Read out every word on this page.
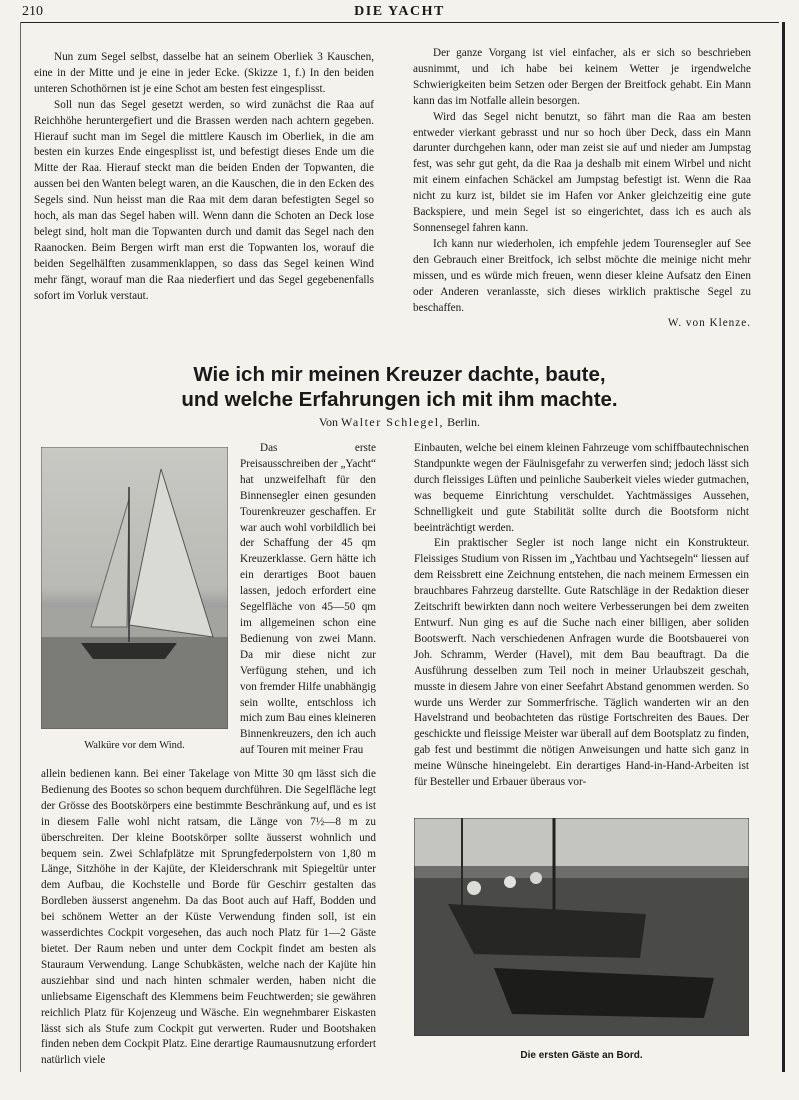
210	DIE YACHT

Nun zum Segel selbst, dasselbe hat an seinem Oberliek 3 Kauschen, eine in der Mitte und je eine in jeder Ecke. (Skizze 1, f.) In den beiden unteren Schothörnen ist je eine Schot am besten fest eingesplisst.

Soll nun das Segel gesetzt werden, so wird zunächst die Raa auf Reichhöhe heruntergefiert und die Brassen werden nach achtern gegeben. Hierauf sucht man im Segel die mittlere Kausch im Oberliek, in die am besten ein kurzes Ende eingesplisst ist, und befestigt dieses Ende um die Mitte der Raa. Hierauf steckt man die beiden Enden der Topwanten, die aussen bei den Wanten belegt waren, an die Kauschen, die in den Ecken des Segels sind. Nun heisst man die Raa mit dem daran befestigten Segel so hoch, als man das Segel haben will. Wenn dann die Schoten an Deck lose belegt sind, holt man die Topwanten durch und damit das Segel nach den Raanocken. Beim Bergen wirft man erst die Topwanten los, worauf die beiden Segelhälften zusammenklappen, so dass das Segel keinen Wind mehr fängt, worauf man die Raa niederfiert und das Segel gegebenenfalls sofort im Vorluk verstaut.

Der ganze Vorgang ist viel einfacher, als er sich so beschrieben ausnimmt, und ich habe bei keinem Wetter je irgendwelche Schwierigkeiten beim Setzen oder Bergen der Breitfock gehabt. Ein Mann kann das im Notfalle allein besorgen.

Wird das Segel nicht benutzt, so fährt man die Raa am besten entweder vierkant gebrasst und nur so hoch über Deck, dass ein Mann darunter durchgehen kann, oder man zeist sie auf und nieder am Jumpstag fest, was sehr gut geht, da die Raa ja deshalb mit einem Wirbel und nicht mit einem einfachen Schäckel am Jumpstag befestigt ist. Wenn die Raa nicht zu kurz ist, bildet sie im Hafen vor Anker gleichzeitig eine gute Backspiere, und mein Segel ist so eingerichtet, dass ich es auch als Sonnensegel fahren kann.

Ich kann nur wiederholen, ich empfehle jedem Tourensegler auf See den Gebrauch einer Breitfock, ich selbst möchte die meinige nicht mehr missen, und es würde mich freuen, wenn dieser kleine Aufsatz den Einen oder Anderen veranlasste, sich dieses wirklich praktische Segel zu beschaffen.

W. von Klenze.
Wie ich mir meinen Kreuzer dachte, baute,
und welche Erfahrungen ich mit ihm machte.
Von Walter Schlegel, Berlin.
Walküre vor dem Wind.

Das erste Preisausschreiben der „Yacht“ hat unzweifelhaft für den Binnensegler einen gesunden Tourenkreuzer geschaffen. Er war auch wohl vorbildlich bei der Schaffung der 45 qm Kreuzerklasse. Gern hätte ich ein derartiges Boot bauen lassen, jedoch erfordert eine Segelfläche von 45—50 qm im allgemeinen schon eine Bedienung von zwei Mann. Da mir diese nicht zur Verfügung stehen, und ich von fremder Hilfe unabhängig sein wollte, entschloss ich mich zum Bau eines kleineren Binnenkreuzers, den ich auch auf Touren mit meiner Frau

allein bedienen kann. Bei einer Takelage von Mitte 30 qm lässt sich die Bedienung des Bootes so schon bequem durchführen. Die Segelfläche legt der Grösse des Bootskörpers eine bestimmte Beschränkung auf, und es ist in diesem Falle wohl nicht ratsam, die Länge von 7½—8 m zu überschreiten. Der kleine Bootskörper sollte äusserst wohnlich und bequem sein. Zwei Schlafplätze mit Sprungfederpolstern von 1,80 m Länge, Sitzhöhe in der Kajüte, der Kleiderschrank mit Spiegeltür unter dem Aufbau, die Kochstelle und Borde für Geschirr gestalten das Bordleben äusserst angenehm. Da das Boot auch auf Haff, Bodden und bei schönem Wetter an der Küste Verwendung finden soll, ist ein wasserdichtes Cockpit vorgesehen, das auch noch Platz für 1—2 Gäste bietet. Der Raum neben und unter dem Cockpit findet am besten als Stauraum Verwendung. Lange Schubkästen, welche nach der Kajüte hin ausziehbar sind und nach hinten schmaler werden, haben nicht die unliebsame Eigenschaft des Klemmens beim Feuchtwerden; sie gewähren reichlich Platz für Kojenzeug und Wäsche. Ein wegnehmbarer Eiskasten lässt sich als Stufe zum Cockpit gut verwerten. Ruder und Bootshaken finden neben dem Cockpit Platz. Eine derartige Raumausnutzung erfordert natürlich viele

Einbauten, welche bei einem kleinen Fahrzeuge vom schiffbautechnischen Standpunkte wegen der Fäulnisgefahr zu verwerfen sind; jedoch lässt sich durch fleissiges Lüften und peinliche Sauberkeit vieles wieder gutmachen, was bequeme Einrichtung verschuldet. Yachtmässiges Aussehen, Schnelligkeit und gute Stabilität sollte durch die Bootsform nicht beeinträchtigt werden.

Ein praktischer Segler ist noch lange nicht ein Konstrukteur. Fleissiges Studium von Rissen im „Yachtbau und Yachtsegeln“ liessen auf dem Reissbrett eine Zeichnung entstehen, die nach meinem Ermessen ein brauchbares Fahrzeug darstellte. Gute Ratschläge in der Redaktion dieser Zeitschrift bewirkten dann noch weitere Verbesserungen bei dem zweiten Entwurf. Nun ging es auf die Suche nach einer billigen, aber soliden Bootswerft. Nach verschiedenen Anfragen wurde die Bootsbauerei von Joh. Schramm, Werder (Havel), mit dem Bau beauftragt. Da die Ausführung desselben zum Teil noch in meiner Urlaubszeit geschah, musste in diesem Jahre von einer Seefahrt Abstand genommen werden. So wurde uns Werder zur Sommerfrische. Täglich wanderten wir an den Havelstrand und beobachteten das rüstige Fortschreiten des Baues. Der geschickte und fleissige Meister war überall auf dem Bootsplatz zu finden, gab fest und bestimmt die nötigen Anweisungen und hatte sich ganz in meine Wünsche hineingelebt. Ein derartiges Hand-in-Hand-Arbeiten ist für Besteller und Erbauer überaus vor-

Die ersten Gäste an Bord.
